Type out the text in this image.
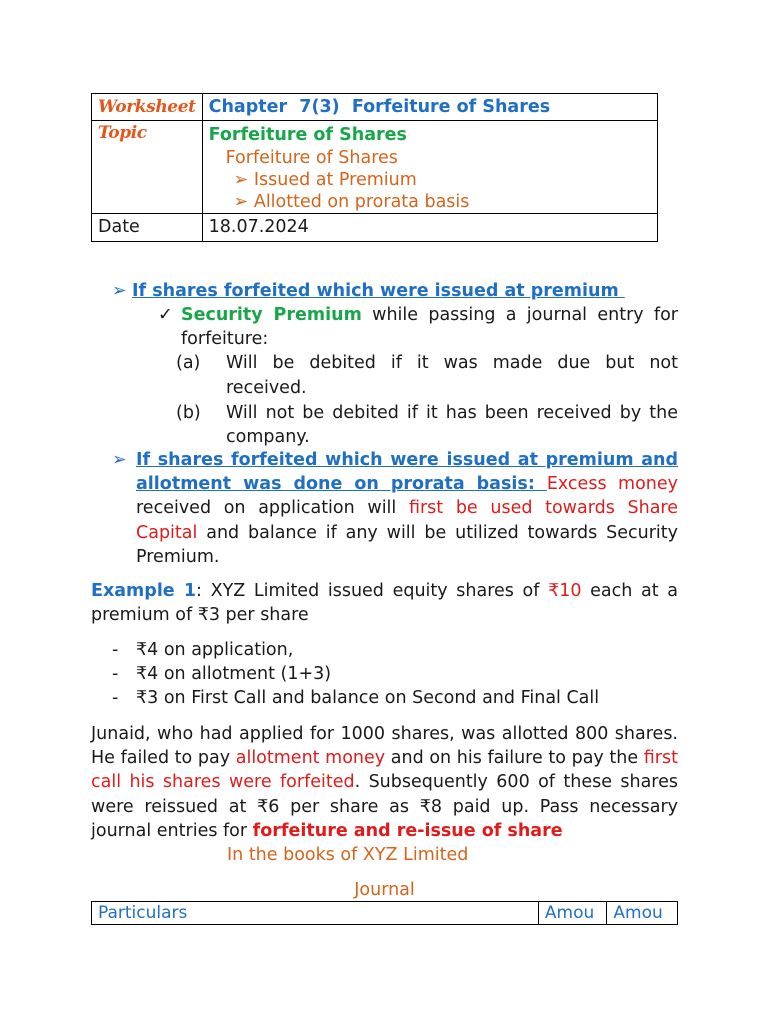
Worksheet	Chapter  7(3)  Forfeiture of Shares
Topic	Forfeiture of Shares
Forfeiture of Shares
➢ Issued at Premium
➢ Allotted on prorata basis

Date	18.07.2024
➢ If shares forfeited which were issued at premium
✓ Security Premium while passing a journal entry for forfeiture:
(a) Will be debited if it was made due but not received.
(b) Will not be debited if it has been received by the company.
➢ If shares forfeited which were issued at premium and allotment was done on prorata basis: Excess money received on application will first be used towards Share Capital and balance if any will be utilized towards Security Premium.
Example 1: XYZ Limited issued equity shares of ₹10 each at a premium of ₹3 per share
- ₹4 on application,
- ₹4 on allotment (1+3)
- ₹3 on First Call and balance on Second and Final Call
Junaid, who had applied for 1000 shares, was allotted 800 shares. He failed to pay allotment money and on his failure to pay the first call his shares were forfeited. Subsequently 600 of these shares were reissued at ₹6 per share as ₹8 paid up. Pass necessary journal entries for forfeiture and re-issue of share
In the books of XYZ Limited
Journal
Particulars	Amou	Amou
